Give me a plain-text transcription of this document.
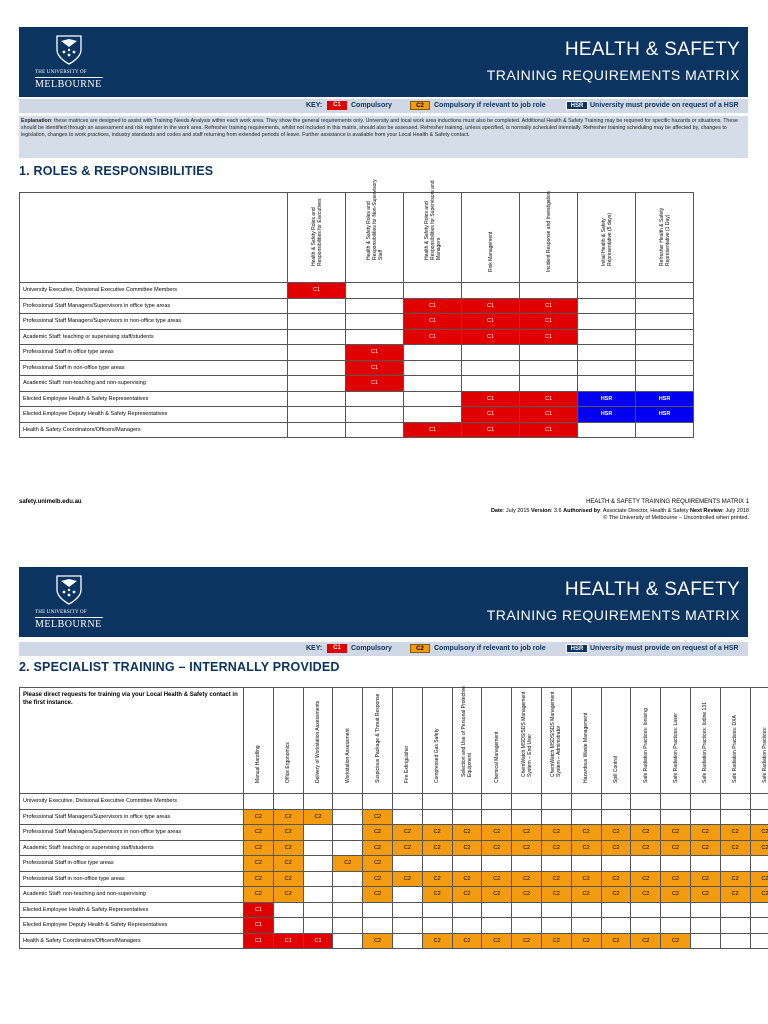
THE UNIVERSITY OF
MELBOURNE
HEALTH & SAFETY
TRAINING REQUIREMENTS MATRIX
KEY:	C1	Compulsory	C2	Compulsory if relevant to job role	HSR University must provide on request of a HSR
Explanation: these matrices are designed to assist with Training Needs Analysis within each work area. They show the general requirements only. University and local work area inductions must also be completed. Additional Health & Safety Training may be required for specific hazards or situations. These should be identified through an assessment and risk register in the work area. Refresher training requirements, whilst not included in this matrix, should also be assessed. Refresher training, unless specified, is normally scheduled triennially. Refresher training scheduling may be affected by, changes to legislation, changes to work practices, industry standards and codes and staff returning from extended periods of leave. Further assistance is available from your Local Health & Safety contact.
1. ROLES & RESPONSIBILITIES

	Health & Safety Roles and Responsibilities for Executives	Health & Safety Roles and Responsibilities for Non-Supervisory Staff	Health & Safety Roles and Responsibilities for Supervisors and Managers	Risk Management	Incident Response and Investigation	Initial Health & Safety Representative (5 days)	Refresher Health & Safety Representative (1 Day)

University Executive, Divisional Executive Committee Members	C1						
Professional Staff Managers/Supervisors in office type areas			C1	C1	C1		
Professional Staff Managers/Supervisors in non-office type areas			C1	C1	C1		
Academic Staff: teaching or supervising staff/students			C1	C1	C1		
Professional Staff in office type areas		C1					
Professional Staff in non-office type areas		C1					
Academic Staff: non-teaching and non-supervising		C1					
Elected Employee Health & Safety Representatives				C1	C1	HSR	HSR
Elected Employee Deputy Health & Safety Representatives				C1	C1	HSR	HSR
Health & Safety Coordinators/Officers/Managers			C1	C1	C1		
safety.unimelb.edu.au	HEALTH & SAFETY TRAINING REQUIREMENTS MATRIX 1
Date: July 2015 Version: 3.6 Authorised by: Associate Director, Health & Safety Next Review: July 2018
© The University of Melbourne – Uncontrolled when printed.
THE UNIVERSITY OF
MELBOURNE
HEALTH & SAFETY
TRAINING REQUIREMENTS MATRIX
KEY:	C1	Compulsory	C2	Compulsory if relevant to job role	HSR University must provide on request of a HSR
2. SPECIALIST TRAINING – INTERNALLY PROVIDED
Please direct requests for training via your Local Health & Safety contact in the first instance.	Manual Handling	Office Ergonomics	Delivery of Workstation Assessments	Workstation Assessment	Suspicious Package & Threat Response	Fire Extinguisher	Compressed Gas Safety	Selection and Use of Personal Protective Equipment	Chemical Management	ChemWatch MSDS/SDS Management System – End User	ChemWatch MSDS/SDS Management System – Administrator	Hazardous Waste Management	Spill Control	Safe Radiation Practices: Ionising	Safe Radiation Practices: Laser	Safe Radiation Practices: Iodine 131	Safe Radiation Practices: DXA	Safe Radiation Practices:

University Executive, Divisional Executive Committee Members																		
Professional Staff Managers/Supervisors in office type areas	C2	C2	C2		C2													
Professional Staff Managers/Supervisors in non-office type areas	C2	C2			C2	C2	C2	C2	C2	C2	C2	C2	C2	C2	C2	C2	C2	C2
Academic Staff: teaching or supervising staff/students	C2	C2			C2	C2	C2	C2	C2	C2	C2	C2	C2	C2	C2	C2	C2	C2
Professional Staff in office type areas	C2	C2		C2	C2													
Professional Staff in non-office type areas	C2	C2			C2	C2	C2	C2	C2	C2	C2	C2	C2	C2	C2	C2	C2	C2
Academic Staff: non-teaching and non-supervising	C2	C2			C2		C2	C2	C2	C2	C2	C2	C2	C2	C2	C2	C2	C2
Elected Employee Health & Safety Representatives	C1																	
Elected Employee Deputy Health & Safety Representatives	C1																	
Health & Safety Coordinators/Officers/Managers	C1	C1	C1		C2		C2	C2	C2	C2	C2	C2	C2	C2	C2			
